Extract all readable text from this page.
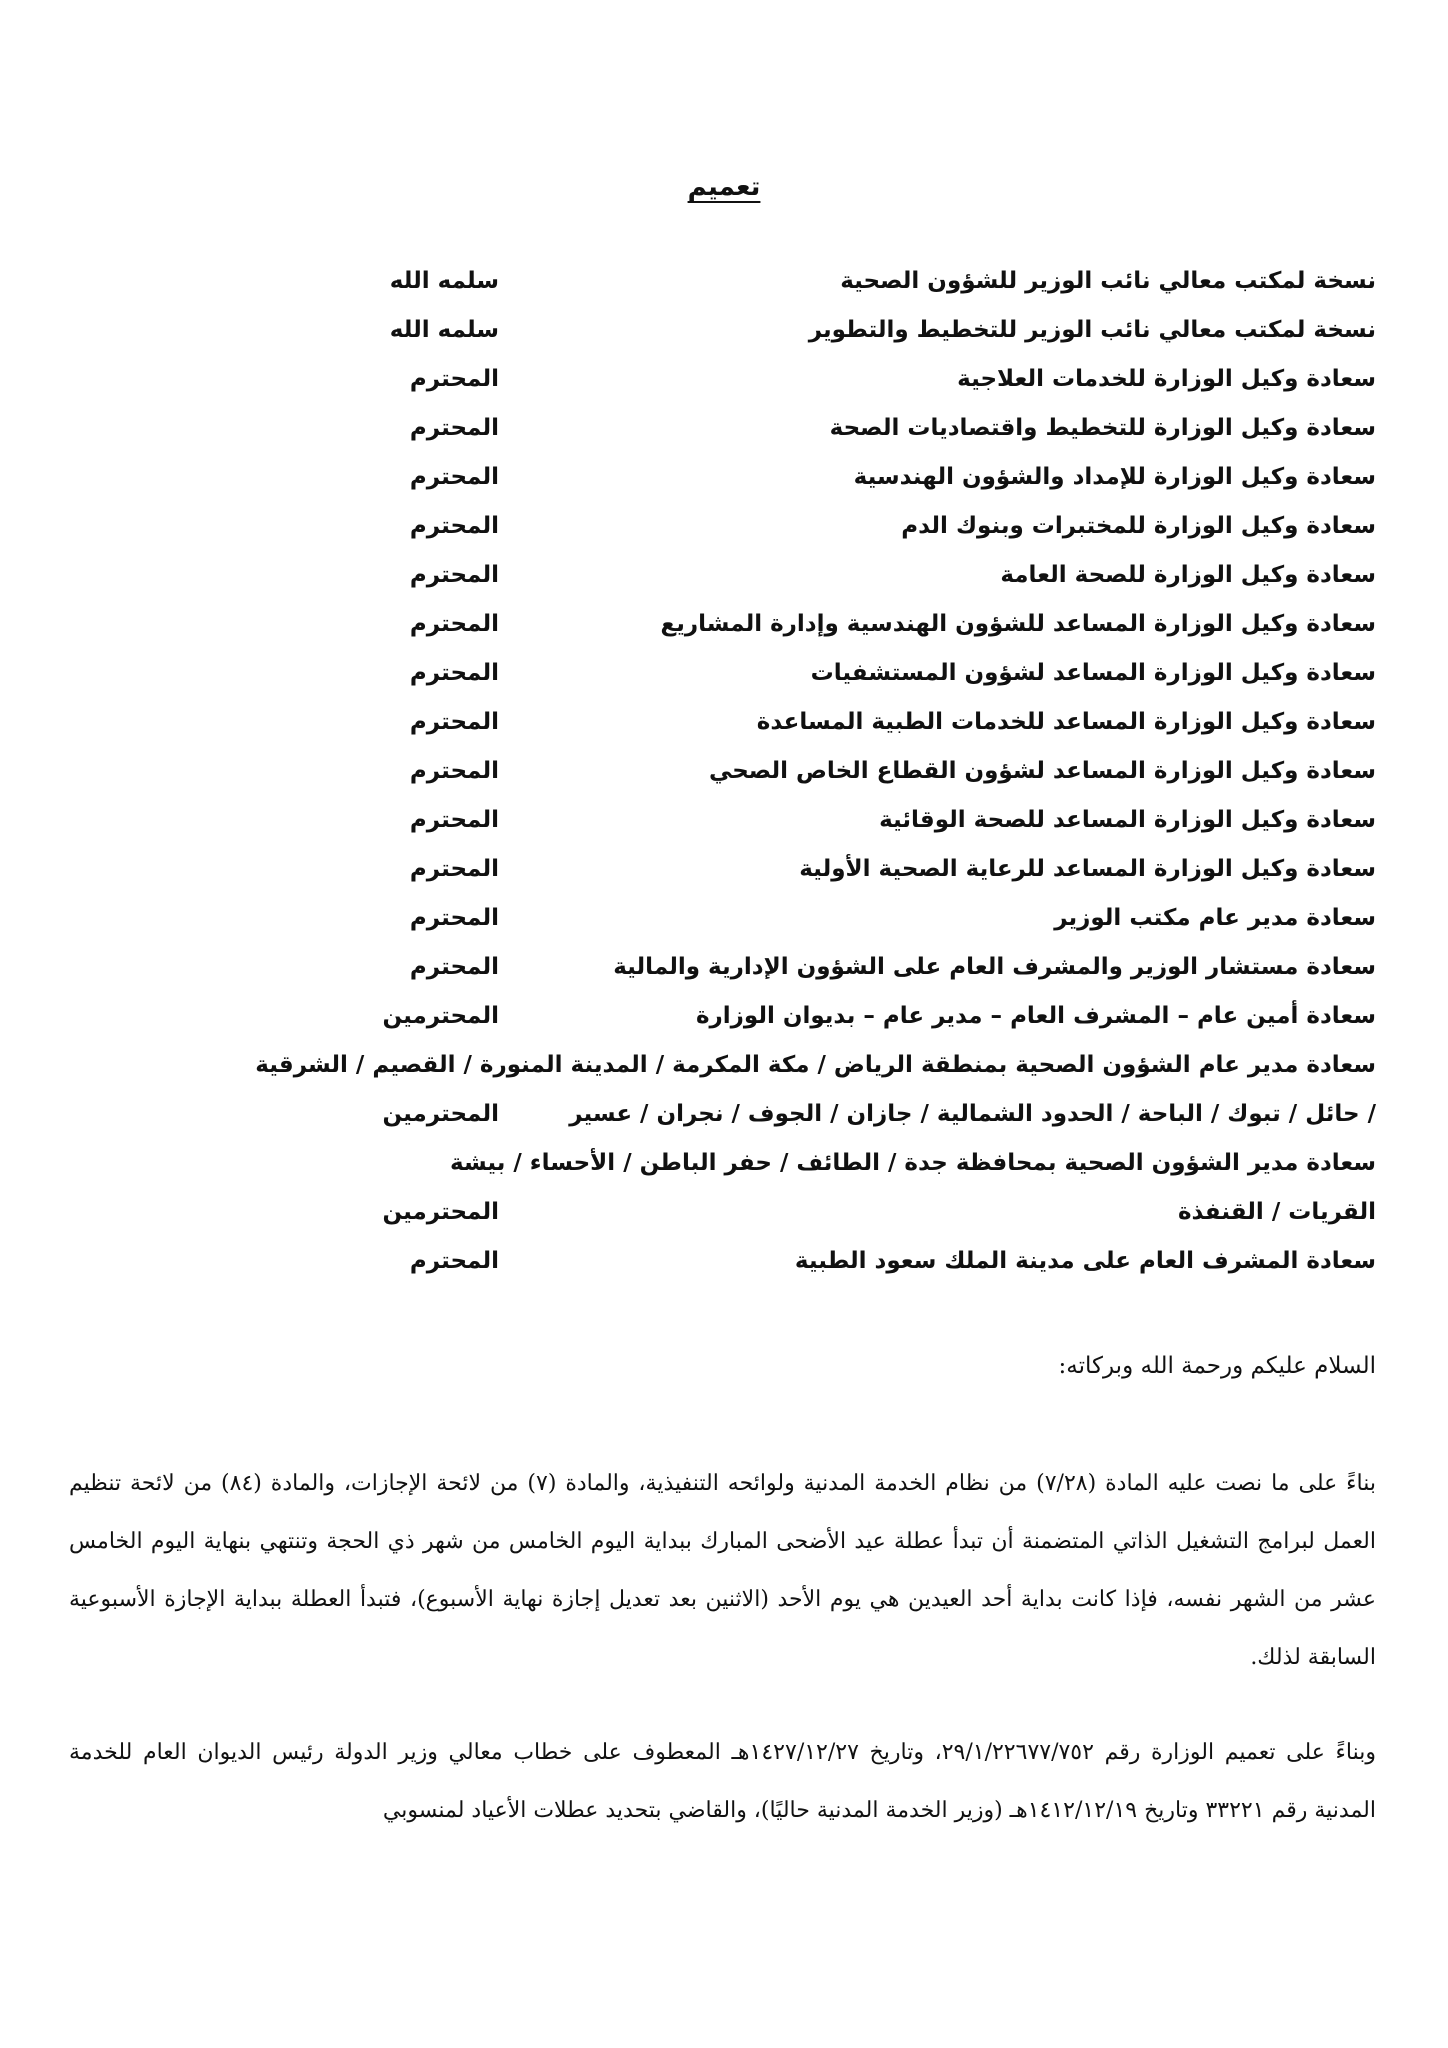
تعميم
نسخة لمكتب معالي نائب الوزير للشؤون الصحية
سلمه الله
نسخة لمكتب معالي نائب الوزير للتخطيط والتطوير
سلمه الله
سعادة وكيل الوزارة للخدمات العلاجية
المحترم
سعادة وكيل الوزارة للتخطيط واقتصاديات الصحة
المحترم
سعادة وكيل الوزارة للإمداد والشؤون الهندسية
المحترم
سعادة وكيل الوزارة للمختبرات وبنوك الدم
المحترم
سعادة وكيل الوزارة للصحة العامة
المحترم
سعادة وكيل الوزارة المساعد للشؤون الهندسية وإدارة المشاريع
المحترم
سعادة وكيل الوزارة المساعد لشؤون المستشفيات
المحترم
سعادة وكيل الوزارة المساعد للخدمات الطبية المساعدة
المحترم
سعادة وكيل الوزارة المساعد لشؤون القطاع الخاص الصحي
المحترم
سعادة وكيل الوزارة المساعد للصحة الوقائية
المحترم
سعادة وكيل الوزارة المساعد للرعاية الصحية الأولية
المحترم
سعادة مدير عام مكتب الوزير
المحترم
سعادة مستشار الوزير والمشرف العام على الشؤون الإدارية والمالية
المحترم
سعادة أمين عام – المشرف العام – مدير عام – بديوان الوزارة
المحترمين
سعادة مدير عام الشؤون الصحية بمنطقة الرياض / مكة المكرمة / المدينة المنورة / القصيم / الشرقية
/ حائل / تبوك / الباحة / الحدود الشمالية / جازان / الجوف / نجران / عسير
المحترمين
سعادة مدير الشؤون الصحية بمحافظة جدة / الطائف / حفر الباطن / الأحساء / بيشة
القريات / القنفذة
المحترمين
سعادة المشرف العام على مدينة الملك سعود الطبية
المحترم
السلام عليكم ورحمة الله وبركاته:
بناءً على ما نصت عليه المادة (٧/٢٨) من نظام الخدمة المدنية ولوائحه التنفيذية، والمادة (٧) من لائحة الإجازات، والمادة (٨٤) من لائحة تنظيم العمل لبرامج التشغيل الذاتي المتضمنة أن تبدأ عطلة عيد الأضحى المبارك ببداية اليوم الخامس من شهر ذي الحجة وتنتهي بنهاية اليوم الخامس عشر من الشهر نفسه، فإذا كانت بداية أحد العيدين هي يوم الأحد (الاثنين بعد تعديل إجازة نهاية الأسبوع)، فتبدأ العطلة ببداية الإجازة الأسبوعية السابقة لذلك.
وبناءً على تعميم الوزارة رقم ٢٩/١/٢٢٦٧٧/٧٥٢، وتاريخ ١٤٢٧/١٢/٢٧هـ المعطوف على خطاب معالي وزير الدولة رئيس الديوان العام للخدمة المدنية رقم ٣٣٢٢١ وتاريخ ١٤١٢/١٢/١٩هـ (وزير الخدمة المدنية حاليًا)، والقاضي بتحديد عطلات الأعياد لمنسوبي
